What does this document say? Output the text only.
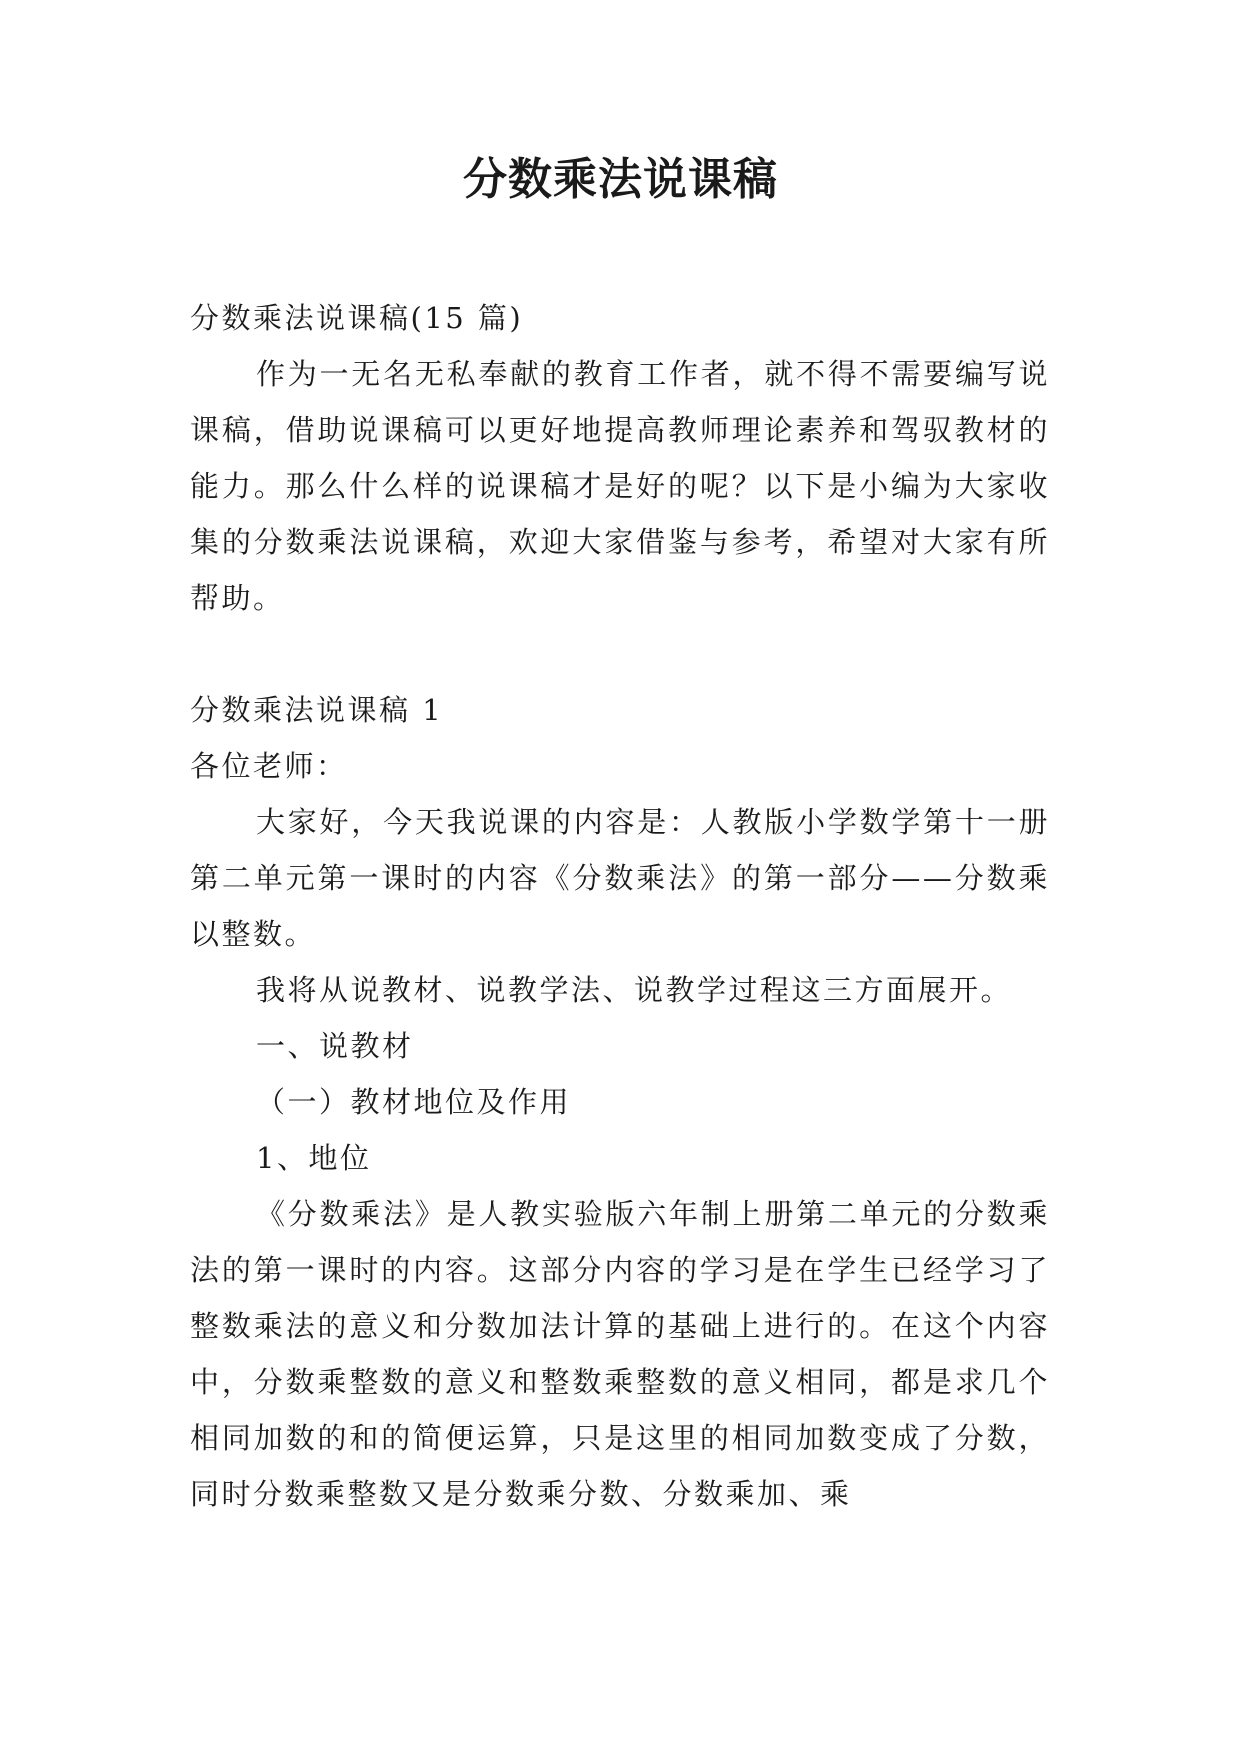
分数乘法说课稿

分数乘法说课稿(15 篇)

作为一无名无私奉献的教育工作者，就不得不需要编写说课稿，借助说课稿可以更好地提高教师理论素养和驾驭教材的能力。那么什么样的说课稿才是好的呢？以下是小编为大家收集的分数乘法说课稿，欢迎大家借鉴与参考，希望对大家有所帮助。

分数乘法说课稿 1

各位老师：

大家好，今天我说课的内容是：人教版小学数学第十一册第二单元第一课时的内容《分数乘法》的第一部分——分数乘以整数。

我将从说教材、说教学法、说教学过程这三方面展开。

一、说教材

（一）教材地位及作用

1、地位

《分数乘法》是人教实验版六年制上册第二单元的分数乘法的第一课时的内容。这部分内容的学习是在学生已经学习了整数乘法的意义和分数加法计算的基础上进行的。在这个内容中，分数乘整数的意义和整数乘整数的意义相同，都是求几个相同加数的和的简便运算，只是这里的相同加数变成了分数，同时分数乘整数又是分数乘分数、分数乘加、乘
